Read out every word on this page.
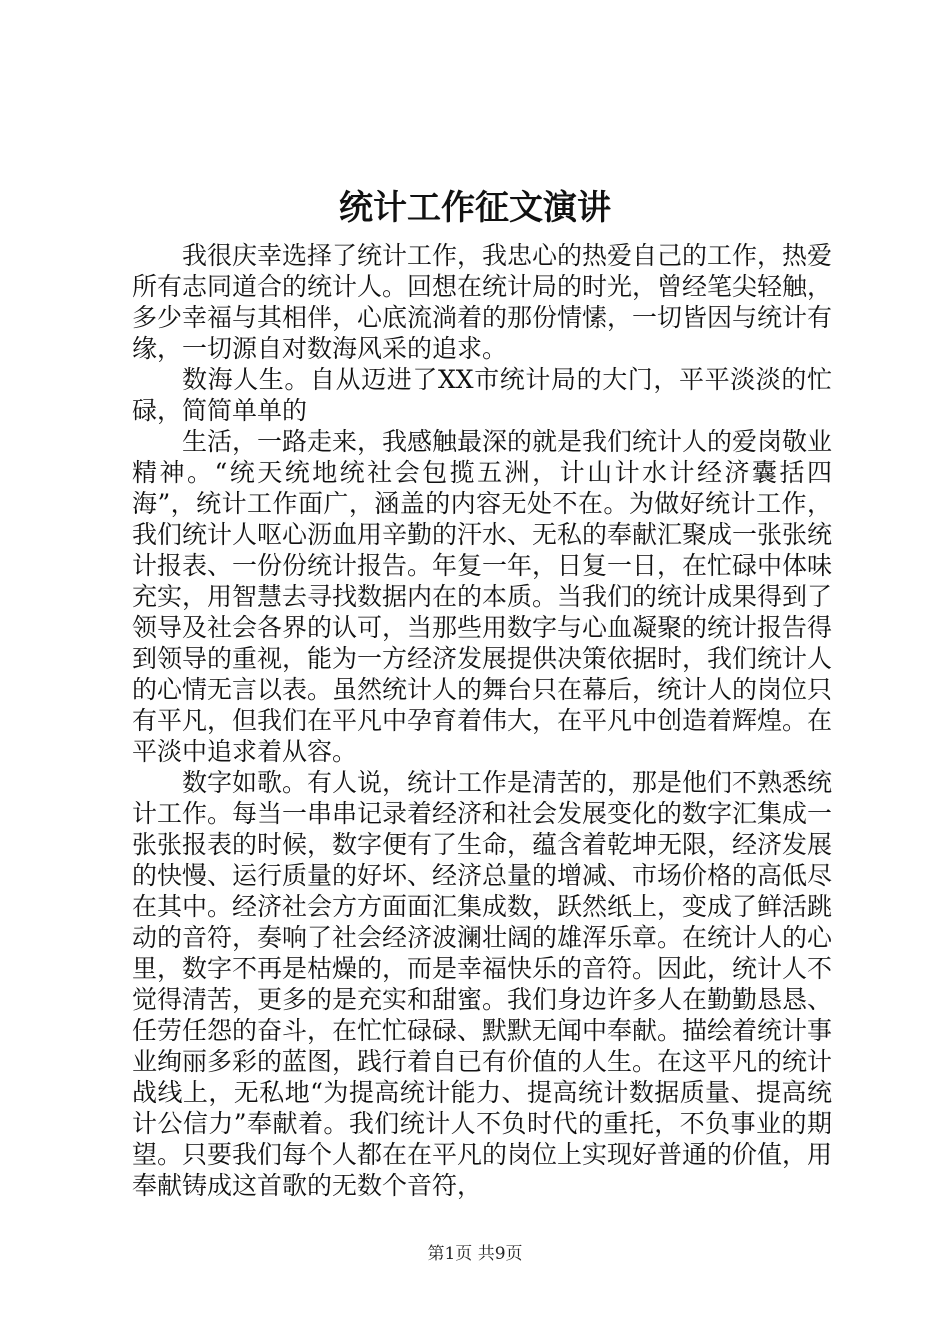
统计工作征文演讲

我很庆幸选择了统计工作，我忠心的热爱自己的工作，热爱所有志同道合的统计人。回想在统计局的时光，曾经笔尖轻触，多少幸福与其相伴，心底流淌着的那份情愫，一切皆因与统计有缘，一切源自对数海风采的追求。

数海人生。自从迈进了XX市统计局的大门，平平淡淡的忙碌，简简单单的

生活，一路走来，我感触最深的就是我们统计人的爱岗敬业精神。“统天统地统社会包揽五洲，计山计水计经济囊括四海”，统计工作面广，涵盖的内容无处不在。为做好统计工作，我们统计人呕心沥血用辛勤的汗水、无私的奉献汇聚成一张张统计报表、一份份统计报告。年复一年，日复一日，在忙碌中体味充实，用智慧去寻找数据内在的本质。当我们的统计成果得到了领导及社会各界的认可，当那些用数字与心血凝聚的统计报告得到领导的重视，能为一方经济发展提供决策依据时，我们统计人的心情无言以表。虽然统计人的舞台只在幕后，统计人的岗位只有平凡，但我们在平凡中孕育着伟大，在平凡中创造着辉煌。在平淡中追求着从容。

数字如歌。有人说，统计工作是清苦的，那是他们不熟悉统计工作。每当一串串记录着经济和社会发展变化的数字汇集成一张张报表的时候，数字便有了生命，蕴含着乾坤无限，经济发展的快慢、运行质量的好坏、经济总量的增减、市场价格的高低尽在其中。经济社会方方面面汇集成数，跃然纸上，变成了鲜活跳动的音符，奏响了社会经济波澜壮阔的雄浑乐章。在统计人的心里，数字不再是枯燥的，而是幸福快乐的音符。因此，统计人不觉得清苦，更多的是充实和甜蜜。我们身边许多人在勤勤恳恳、任劳任怨的奋斗，在忙忙碌碌、默默无闻中奉献。描绘着统计事业绚丽多彩的蓝图，践行着自已有价值的人生。在这平凡的统计战线上，无私地“为提高统计能力、提高统计数据质量、提高统计公信力”奉献着。我们统计人不负时代的重托，不负事业的期望。只要我们每个人都在在平凡的岗位上实现好普通的价值，用奉献铸成这首歌的无数个音符，

第1页 共9页
